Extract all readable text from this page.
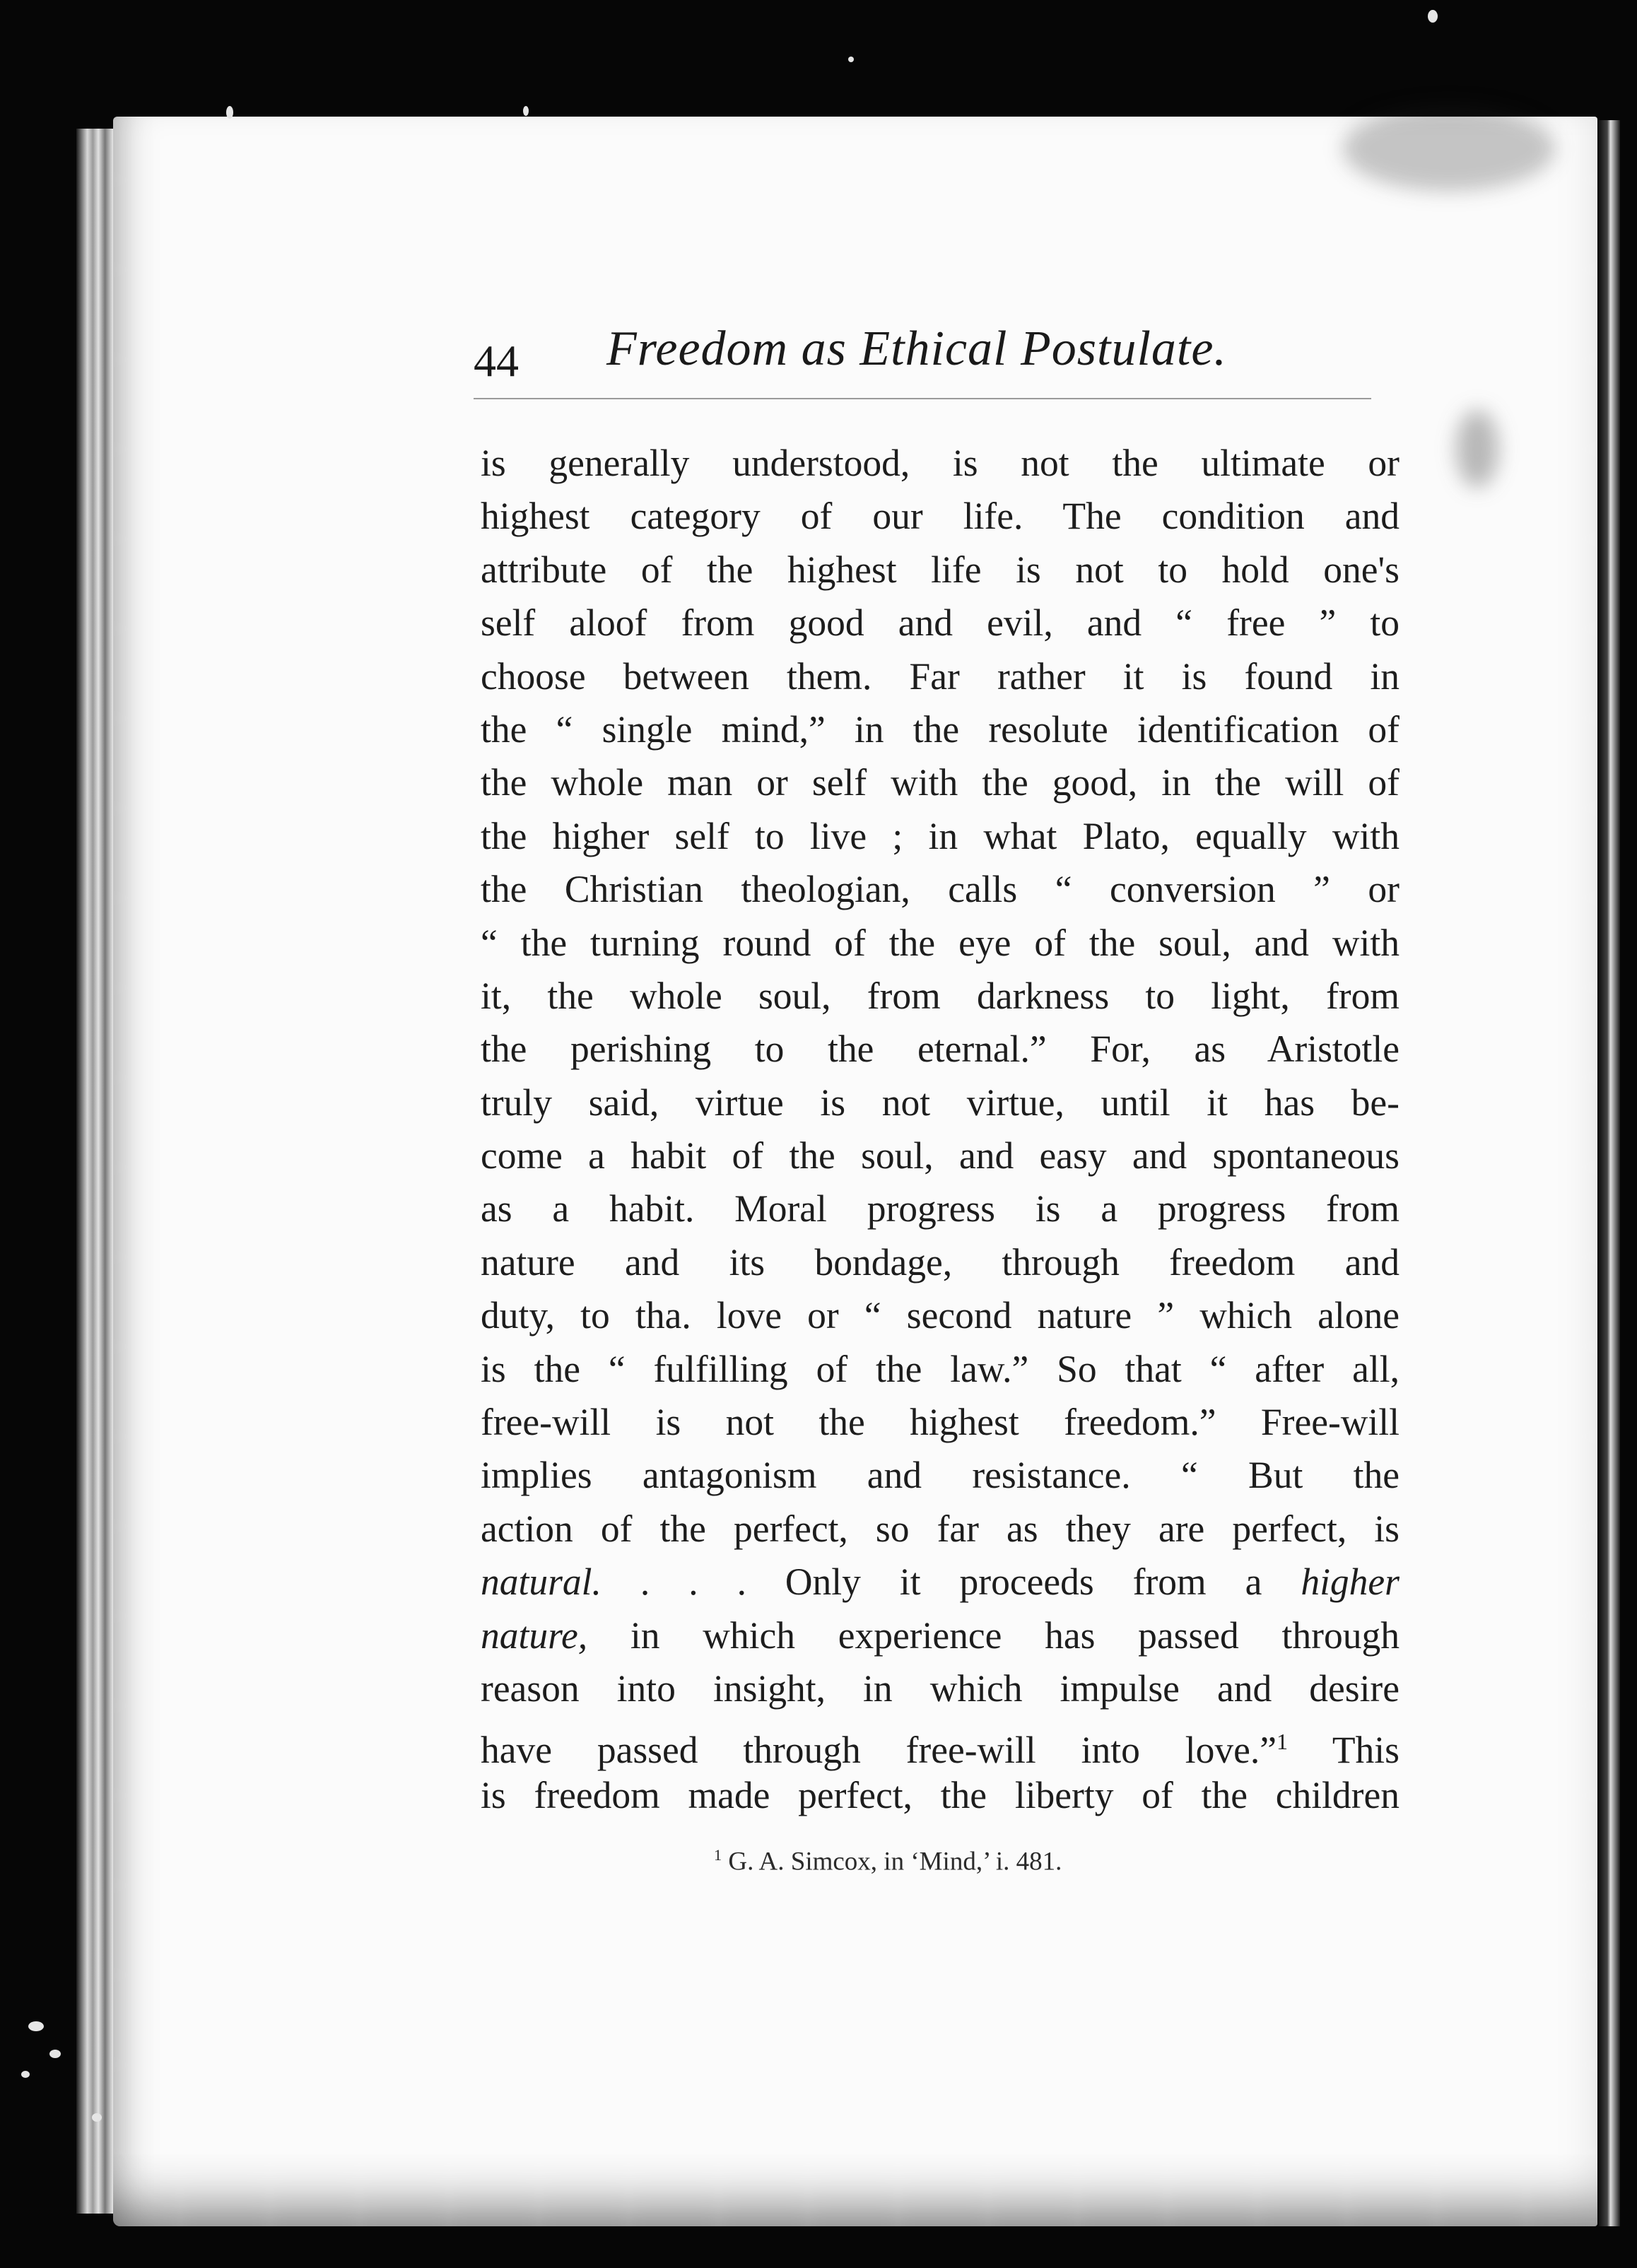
44 Freedom as Ethical Postulate.
is generally understood, is not the ultimate or
highest category of our life. The condition and
attribute of the highest life is not to hold one's
self aloof from good and evil, and “ free ” to
choose between them. Far rather it is found in
the “ single mind,” in the resolute identification of
the whole man or self with the good, in the will of
the higher self to live ; in what Plato, equally with
the Christian theologian, calls “ conversion ” or
“ the turning round of the eye of the soul, and with
it, the whole soul, from darkness to light, from
the perishing to the eternal.” For, as Aristotle
truly said, virtue is not virtue, until it has be-
come a habit of the soul, and easy and spontaneous
as a habit. Moral progress is a progress from
nature and its bondage, through freedom and
duty, to tha. love or “ second nature ” which alone
is the “ fulfilling of the law.” So that “ after all,
free-will is not the highest freedom.” Free-will
implies antagonism and resistance. “ But the
action of the perfect, so far as they are perfect, is
natural. . . . Only it proceeds from a higher
nature, in which experience has passed through
reason into insight, in which impulse and desire
have passed through free-will into love.”$^1$ This
is freedom made perfect, the liberty of the children
$^1$ G. A. Simcox, in ‘Mind,’ i. 481.
